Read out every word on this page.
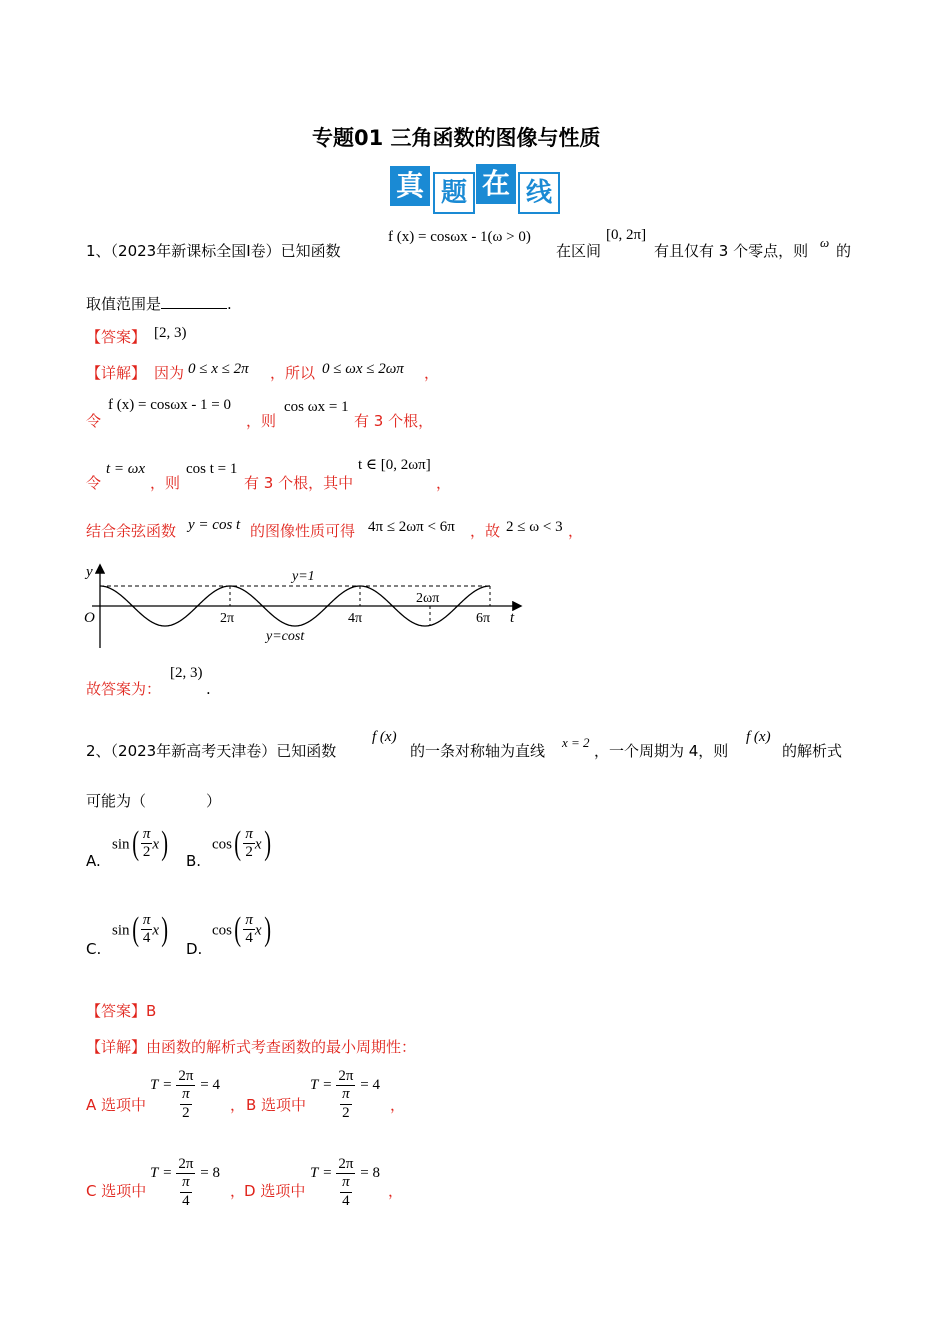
专题01 三角函数的图像与性质
真 题 在 线
1、（2023年新课标全国Ⅰ卷）已知函数
f (x) = cosωx - 1(ω > 0)
在区间
[0, 2π]
有且仅有 3 个零点，则 ω 的
取值范围是	.
【答案】 [2, 3)
【详解】 因为 0 ≤ x ≤ 2π ，所以 0 ≤ ωx ≤ 2ωπ ，
令
f (x) = cosωx - 1 = 0
，则
cos ωx = 1
有 3 个根，
令
t = ωx
，则
cos t = 1
有 3 个根，其中
t ∈ [0, 2ωπ]
，
结合余弦函数 y = cos t 的图像性质可得 4π ≤ 2ωπ < 6π ，故 2 ≤ ω < 3 ，
y
t
O
y=1
y=cost
2π	4π	6π
2ωπ
故答案为：
[2, 3)
.
2、（2023年新高考天津卷）已知函数
f (x)
的一条对称轴为直线 x = 2 ，一个周期为 4，则
f (x)
的解析式
可能为（　　　　）
A.
$\sin( \frac{\pi}{2} x)$ B.
$\cos( \frac{\pi}{2} x)$
C.
$\sin( \frac{\pi}{4} x)$
D.
$\cos( \frac{\pi}{4} x)$
【答案】B
【详解】由函数的解析式考查函数的最小周期性：
A 选项中
$T = \frac{2\pi}{\frac{\pi}{2}} = 4$
， B 选项中
$T = \frac{2\pi}{\frac{\pi}{2}} = 4$
，
C 选项中
$T = \frac{2\pi}{\frac{\pi}{4}} = 8$
，
D 选项中
$T = \frac{2\pi}{\frac{\pi}{4}} = 8$
，
